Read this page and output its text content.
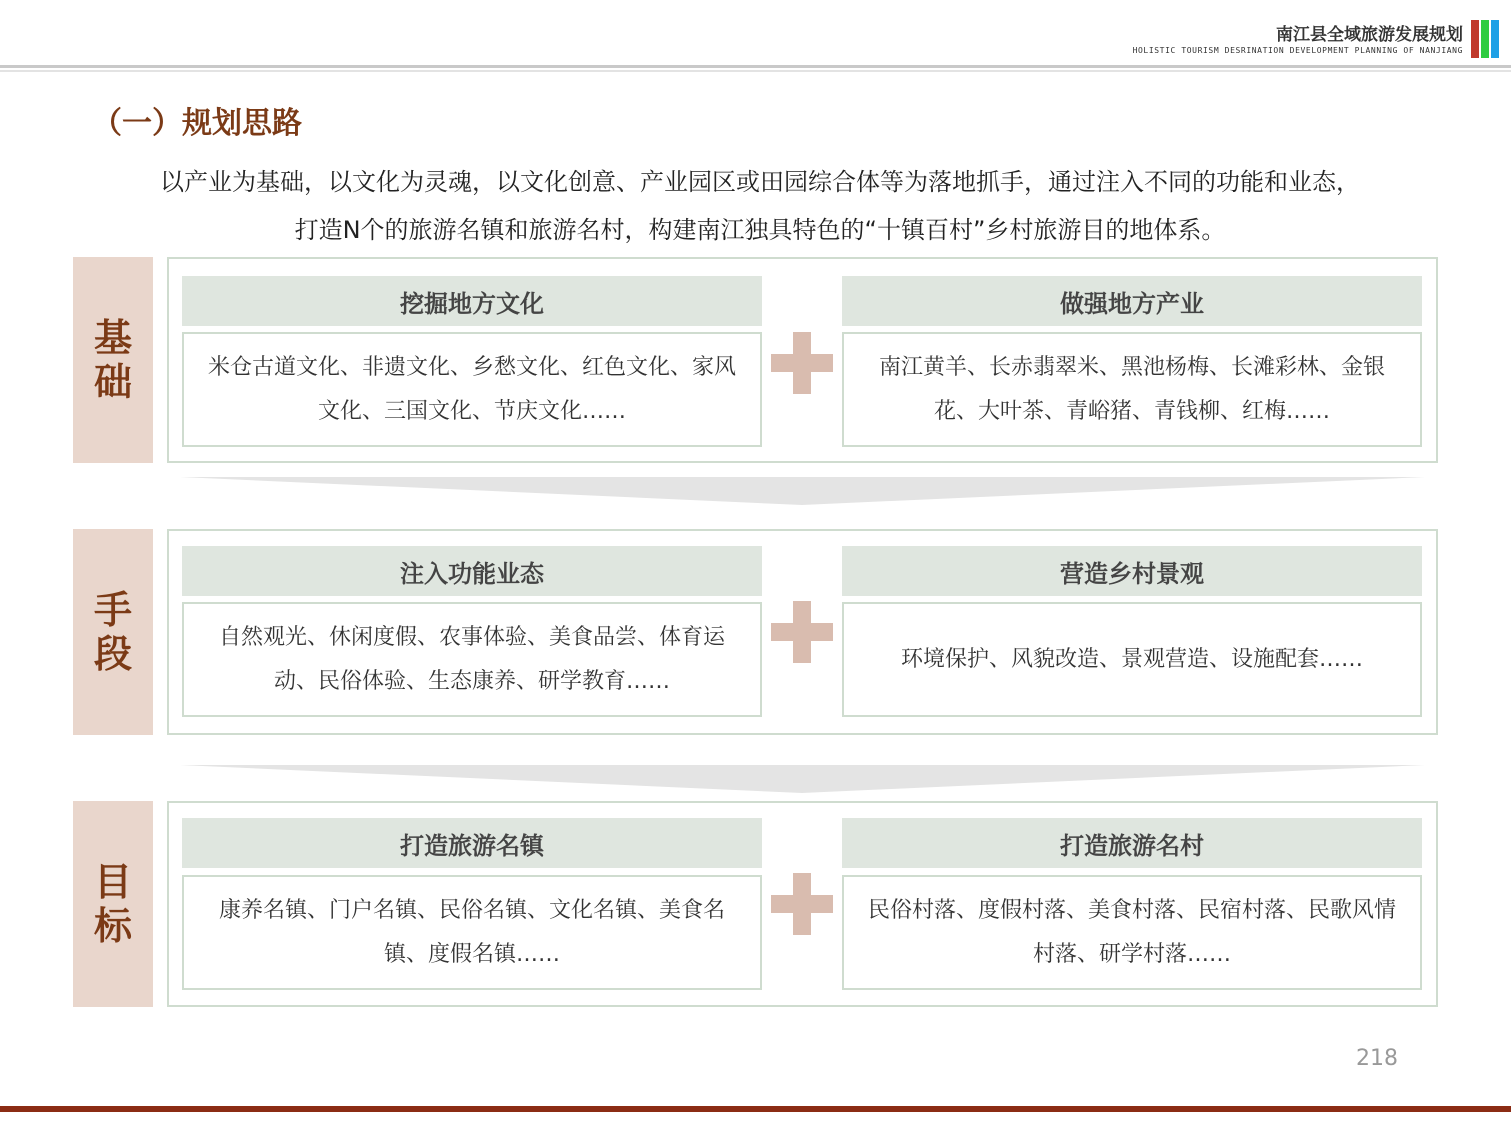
南江县全域旅游发展规划
HOLISTIC TOURISM DESRINATION DEVELOPMENT PLANNING OF NANJIANG
（一）规划思路
以产业为基础，以文化为灵魂，以文化创意、产业园区或田园综合体等为落地抓手，通过注入不同的功能和业态，
打造N个的旅游名镇和旅游名村，构建南江独具特色的“十镇百村”乡村旅游目的地体系。
基
础
挖掘地方文化
米仓古道文化、非遗文化、乡愁文化、红色文化、家风文化、三国文化、节庆文化……
做强地方产业
南江黄羊、长赤翡翠米、黑池杨梅、长滩彩林、金银花、大叶茶、青峪猪、青钱柳、红梅……
手
段
注入功能业态
自然观光、休闲度假、农事体验、美食品尝、体育运动、民俗体验、生态康养、研学教育……
营造乡村景观
环境保护、风貌改造、景观营造、设施配套……
目
标
打造旅游名镇
康养名镇、门户名镇、民俗名镇、文化名镇、美食名镇、度假名镇……
打造旅游名村
民俗村落、度假村落、美食村落、民宿村落、民歌风情村落、研学村落……
218
